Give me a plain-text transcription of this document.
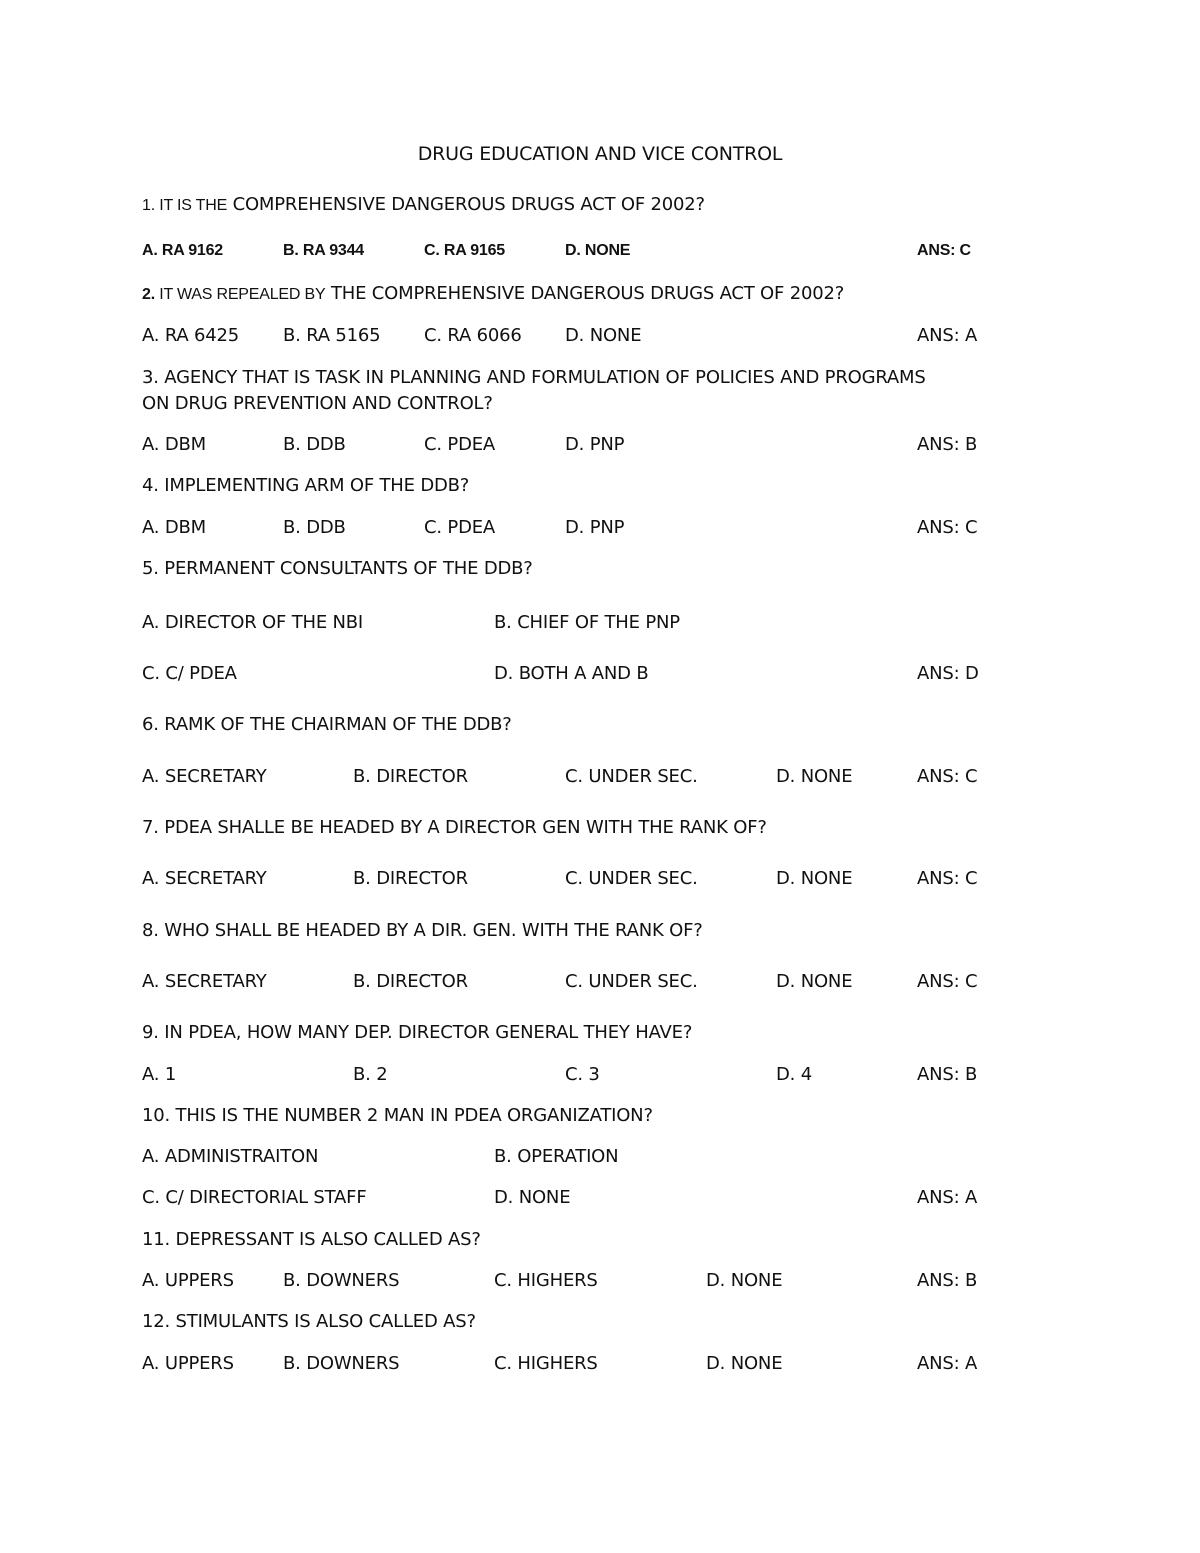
DRUG EDUCATION AND VICE CONTROL
1. IT IS THE COMPREHENSIVE DANGEROUS DRUGS ACT OF 2002?
A. RA 9162	B. RA 9344	C. RA 9165	D. NONE	ANS: C
2. IT WAS REPEALED BY THE COMPREHENSIVE DANGEROUS DRUGS ACT OF 2002?
A. RA 6425 B. RA 5165 C. RA 6066 D. NONE	ANS: A
3. AGENCY THAT IS TASK IN PLANNING AND FORMULATION OF POLICIES AND PROGRAMS
ON DRUG PREVENTION AND CONTROL?
A. DBM	B. DDB	C. PDEA	D. PNP	ANS: B
4. IMPLEMENTING ARM OF THE DDB?
A. DBM	B. DDB	C. PDEA	D. PNP	ANS: C
5. PERMANENT CONSULTANTS OF THE DDB?
A. DIRECTOR OF THE NBI	B. CHIEF OF THE PNP
C. C/ PDEA	D. BOTH A AND B	ANS: D
6. RAMK OF THE CHAIRMAN OF THE DDB?
A. SECRETARY	B. DIRECTOR	C. UNDER SEC.	D. NONE	ANS: C
7. PDEA SHALLE BE HEADED BY A DIRECTOR GEN WITH THE RANK OF?
A. SECRETARY	B. DIRECTOR	C. UNDER SEC.	D. NONE	ANS: C
8. WHO SHALL BE HEADED BY A DIR. GEN. WITH THE RANK OF?
A. SECRETARY	B. DIRECTOR	C. UNDER SEC.	D. NONE	ANS: C
9. IN PDEA, HOW MANY DEP. DIRECTOR GENERAL THEY HAVE?
A. 1	B. 2	C. 3	D. 4	ANS: B
10. THIS IS THE NUMBER 2 MAN IN PDEA ORGANIZATION?
A. ADMINISTRAITON	B. OPERATION
C. C/ DIRECTORIAL STAFF	D. NONE	ANS: A
11. DEPRESSANT IS ALSO CALLED AS?
A. UPPERS	B. DOWNERS	C. HIGHERS	D. NONE	ANS: B
12. STIMULANTS IS ALSO CALLED AS?
A. UPPERS	B. DOWNERS	C. HIGHERS	D. NONE	ANS: A
